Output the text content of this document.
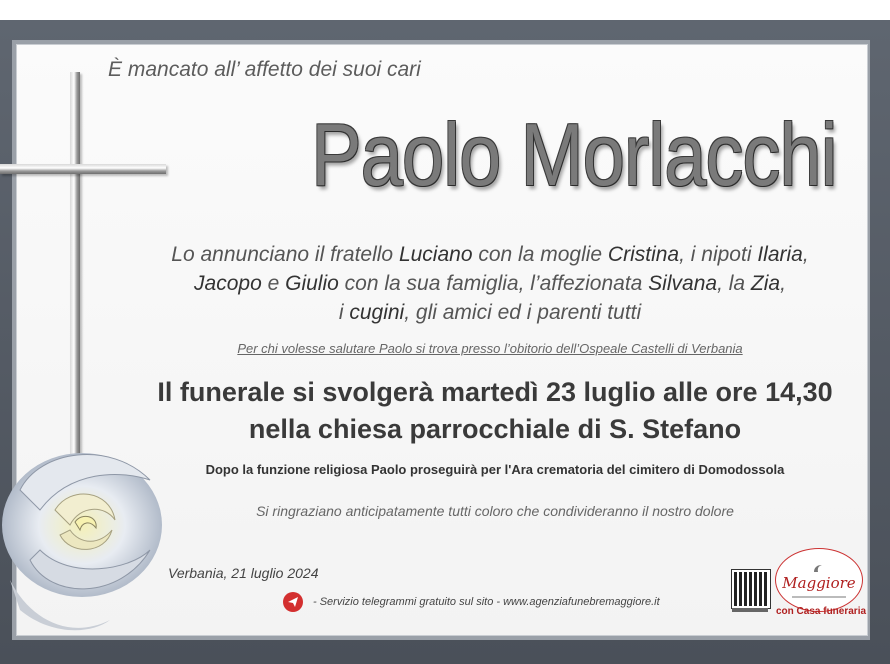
È mancato all’ affetto dei suoi cari
Paolo Morlacchi
Lo annunciano il fratello Luciano con la moglie Cristina, i nipoti Ilaria,
Jacopo e Giulio con la sua famiglia, l’affezionata Silvana, la Zia,
i cugini, gli amici ed i parenti tutti
Per chi volesse salutare Paolo si trova presso l’obitorio dell’Ospeale Castelli di Verbania
Il funerale si svolgerà martedì 23 luglio alle ore 14,30
nella chiesa parrocchiale di S. Stefano
Dopo la funzione religiosa Paolo proseguirà per l'Ara crematoria del cimitero di Domodossola
Si ringraziano anticipatamente tutti coloro che condivideranno il nostro dolore
Verbania, 21 luglio 2024
- Servizio telegrammi gratuito sul sito - www.agenziafunebremaggiore.it
Maggiore
con Casa funeraria
